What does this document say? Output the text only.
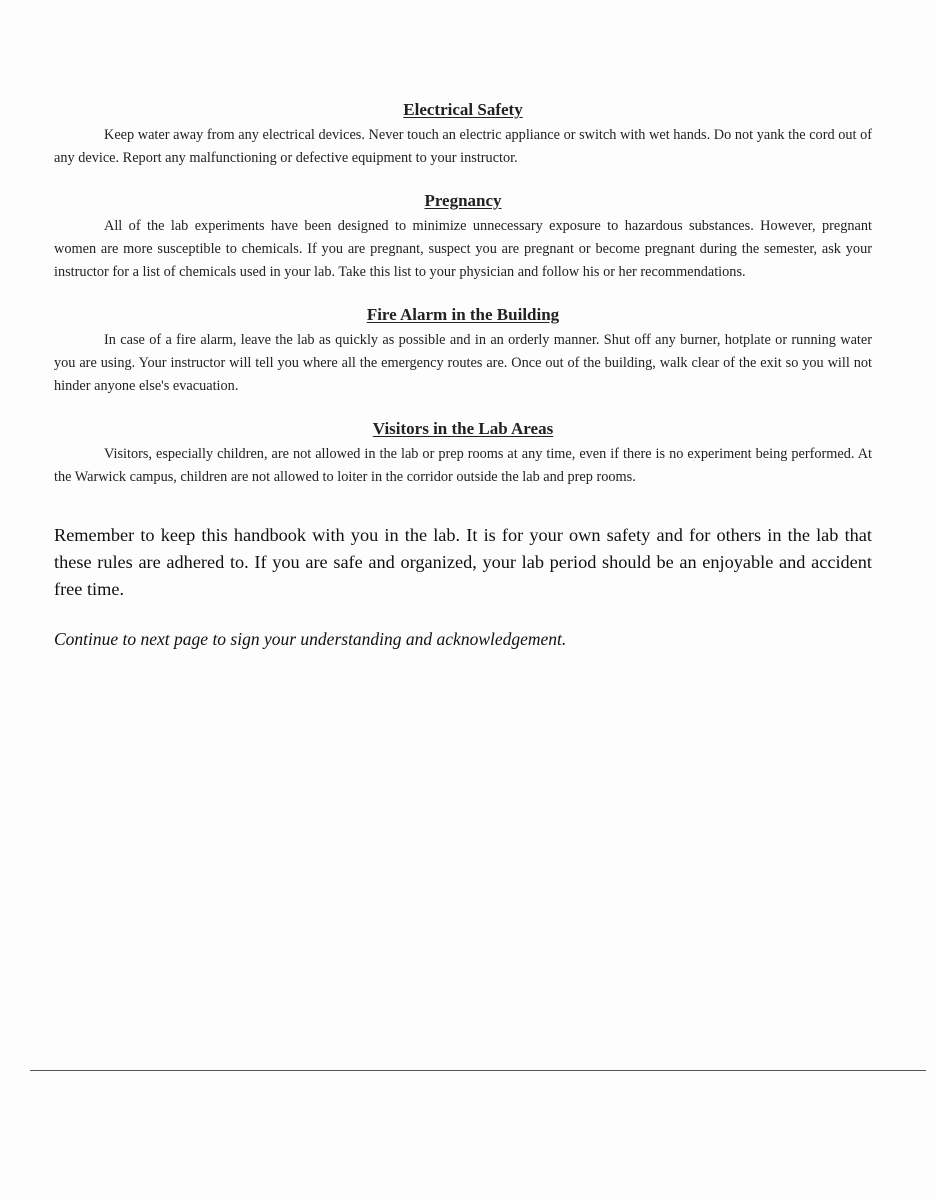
Electrical Safety

Keep water away from any electrical devices. Never touch an electric appliance or switch with wet hands. Do not yank the cord out of any device. Report any malfunctioning or defective equipment to your instructor.

Pregnancy

All of the lab experiments have been designed to minimize unnecessary exposure to hazardous substances. However, pregnant women are more susceptible to chemicals. If you are pregnant, suspect you are pregnant or become pregnant during the semester, ask your instructor for a list of chemicals used in your lab. Take this list to your physician and follow his or her recommendations.

Fire Alarm in the Building

In case of a fire alarm, leave the lab as quickly as possible and in an orderly manner. Shut off any burner, hotplate or running water you are using. Your instructor will tell you where all the emergency routes are. Once out of the building, walk clear of the exit so you will not hinder anyone else's evacuation.

Visitors in the Lab Areas

Visitors, especially children, are not allowed in the lab or prep rooms at any time, even if there is no experiment being performed. At the Warwick campus, children are not allowed to loiter in the corridor outside the lab and prep rooms.

Remember to keep this handbook with you in the lab. It is for your own safety and for others in the lab that these rules are adhered to. If you are safe and organized, your lab period should be an enjoyable and accident free time.

Continue to next page to sign your understanding and acknowledgement.
